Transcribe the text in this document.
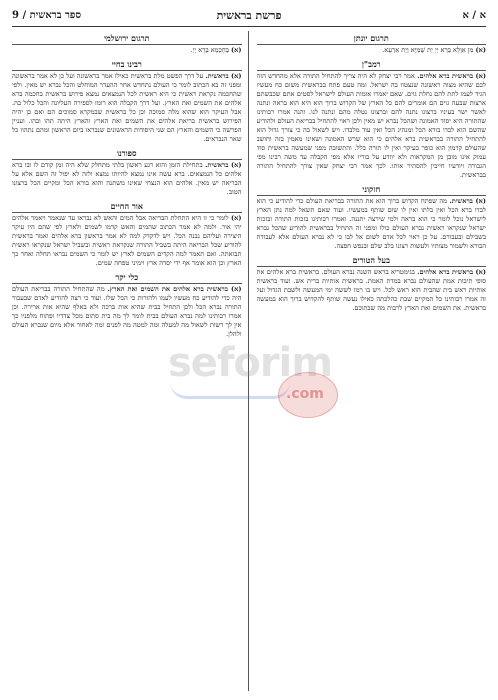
א / א
פרשת בראשית
ספר בראשית / 9
תרגום יונתן

(א) מִן אַוְלָא בְּרָא יְיָ יַת שְׁמַיָּא וְיַת אַרְעָא.

רמב"ן

(א) בראשית ברא אלהים. אמר רבי יצחק לא היה צריך להתחיל התורה אלא מהחדש הזה לכם שהיא מצוה ראשונה שנצטוו בה ישראל. ומה טעם פתח בבראשית משום כח מעשיו הגיד לעמו לתת להם נחלת גוים. שאם יאמרו אומות העולם לישראל לסטים אתם שכבשתם ארצות שבעה גוים הם אומרים להם כל הארץ של הקדוש ברוך הוא היא הוא בראה ונתנה לאשר ישר בעיניו ברצונו נתנה להם וברצונו נטלה מהם ונתנה לנו. והנה אמרו רבותינו שהתורה היא יסוד האמונה ושהכל נברא יש מאין ולכן ראוי להתחיל בבריאת העולם ולהודיע שהשם הוא לבדו בורא הכל ומנהיג הכל ואין עוד מלבדו. ויש לשאול בה כי צורך גדול הוא להתחיל התורה בבראשית ברא אלהים כי הוא שרש האמונה ושאינו מאמין בזה וחושב שהעולם קדמון הוא כופר בעיקר ואין לו תורה כלל. והתשובה מפני שמעשה בראשית סוד עמוק אינו מובן מן המקראות ולא יוודע על בוריו אלא מפי הקבלה עד משה רבינו מפי הגבורה ויודעיו חייבין להסתיר אותו. לכך אמר רבי יצחק שאין צורך להתחיל התורה בבראשית.

חזקוני

(א) בראשית. מה שפתח הקדוש ברוך הוא את התורה בבריאת העולם כדי להודיע כי הוא לבדו ברא הכל ואין בלתו ואין לו שום שותף במעשיו. ועוד שאם תשאל למה נתן הארץ לישראל נוכל לומר כי הוא בראה ולמי שירצה יתננה. ואמרו רבותינו בזכות התורה ובזכות ישראל שנקראו ראשית נברא העולם כולו ומפני זה התחיל בבראשית להודיע שהכל נברא בשבילם ובעבורם. על כן ראוי לכל אדם לשום אל לבו כי לא נברא העולם אלא לעבודת הבורא ולשמור מצותיו ולעשות רצונו בלב שלם ובנפש חפצה.

בעל הטורים

(א) בראשית ברא אלהים. בגימטריא בראש השנה נברא העולם. בראשית ברא אלהים את סופי תיבות אמת שהעולם נברא במדת האמת. בראשית אותיות ברית אש. ועוד בראשית אותיות ראש בית שהבית הוא ראש לכל. ויש בו רמז לששה ימי המעשה ולשבת הגדול ועל זה אמרו רבותינו כל המקיים שבת כהלכתה כאילו נעשה שותף להקדוש ברוך הוא במעשה בראשית. את השמים ואת הארץ לרבות מה שבתוכם.

תרגום ירושלמי

(א) בְּחָכְמָא בְּרָא יְיָ.

רבינו בחיי

(א) בראשית. על דרך הפשט מלת בראשית כאילו אמר בראשונה ועל כן לא אמר בראשונה ומפני זה בא הכתוב לומר כי העולם נתחדש אחר ההעדר המוחלט והכל נברא יש מאין. ולפי שהחכמה נקראת ראשית כי היא ראשית לכל הנמצאים נמצא פירוש בראשית בחכמה ברא אלהים את השמים ואת הארץ. ועל דרך הקבלה הוא רומז לספירה העליונה והכל כלול בה. אבל העיקר הוא שהוא מלה סמוכה וכן כל בראשית שבמקרא סמוכים הם ואם כן יהיה הפירוש בראשית בריאת אלהים את השמים ואת הארץ והארץ היתה תהו ובהו. ועניין הפרשה כי השמים והארץ הם שני היסודות הראשונים שנבראו ביום הראשון ומהם נתהוו כל שאר הנבראים.

ספורנו

(א) בראשית. בתחילת הזמן והוא רגע ראשון בלתי מתחלק שלא היה זמן קודם לו ובו ברא אלהים כל הנמצאים. ברא עשה אינו נמצא להיותו נמצא ולזה לא יפול זה השם אלא על הבריאה יש מאין. אלהים הוא הנצחי שאינו משתנה והוא בורא הכל ומקיים הכל ברצונו הטוב.

אור החיים

(א) לומר כי זו היא התחלת הבריאה אבל המים והאש לא נבראו עד שנאמר ויאמר אלהים יהי אור. ולמה לא אמר הכתוב שהמים והאש קדמו לשמים ולארץ לפי שהם היו עיקר היצירה ועליהם נבנה הכל. ויש לדקדק למה לא אמר בראשון ברא אלהים ואמר בראשית להודיע שכל הבריאה היתה בשביל התורה שנקראת ראשית ובשביל ישראל שנקראו ראשית תבואתה. ואם תאמר למה הקדים השמים לארץ יש לומר כי השמים נבראו תחלה ואחר כך הארץ וכן הוא אומר אף ידי יסדה ארץ וימיני טפחה שמים.

כלי יקר

(א) בראשית ברא אלהים את השמים ואת הארץ. מה שהתחיל התורה בבריאת העולם היה כדי להודיע כח מעשיו לעמו ולהורות כי הכל שלו. ועוד כי רצה להודיע לאדם שבעבור התורה נברא הכל ולכן התחיל בבית שהיא אות ברכה ולא באלף שהיא אות ארירה. וכן אמרו רבותינו למה נברא העולם בבית לומר לך מה בית סתום מכל צדדיו ופתוח מלפניו כך אין לך רשות לשאול מה למעלה ומה למטה מה לפנים ומה לאחור אלא מיום שנברא העולם ולהלן.

seforim
.com
